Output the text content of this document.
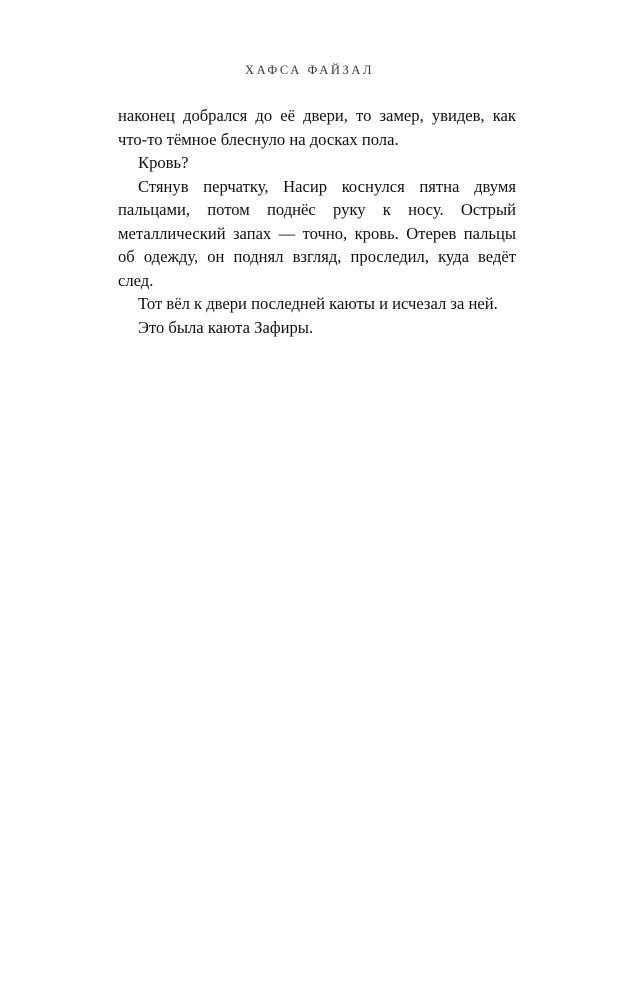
ХАФСА ФАЙЗАЛ

наконец добрался до её двери, то замер, увидев, как что-то тёмное блеснуло на досках пола.

Кровь?

Стянув перчатку, Насир коснулся пятна двумя пальцами, потом поднёс руку к носу. Острый металлический запах — точно, кровь. Отерев пальцы об одежду, он поднял взгляд, проследил, куда ведёт след.

Тот вёл к двери последней каюты и исчезал за ней.

Это была каюта Зафиры.
